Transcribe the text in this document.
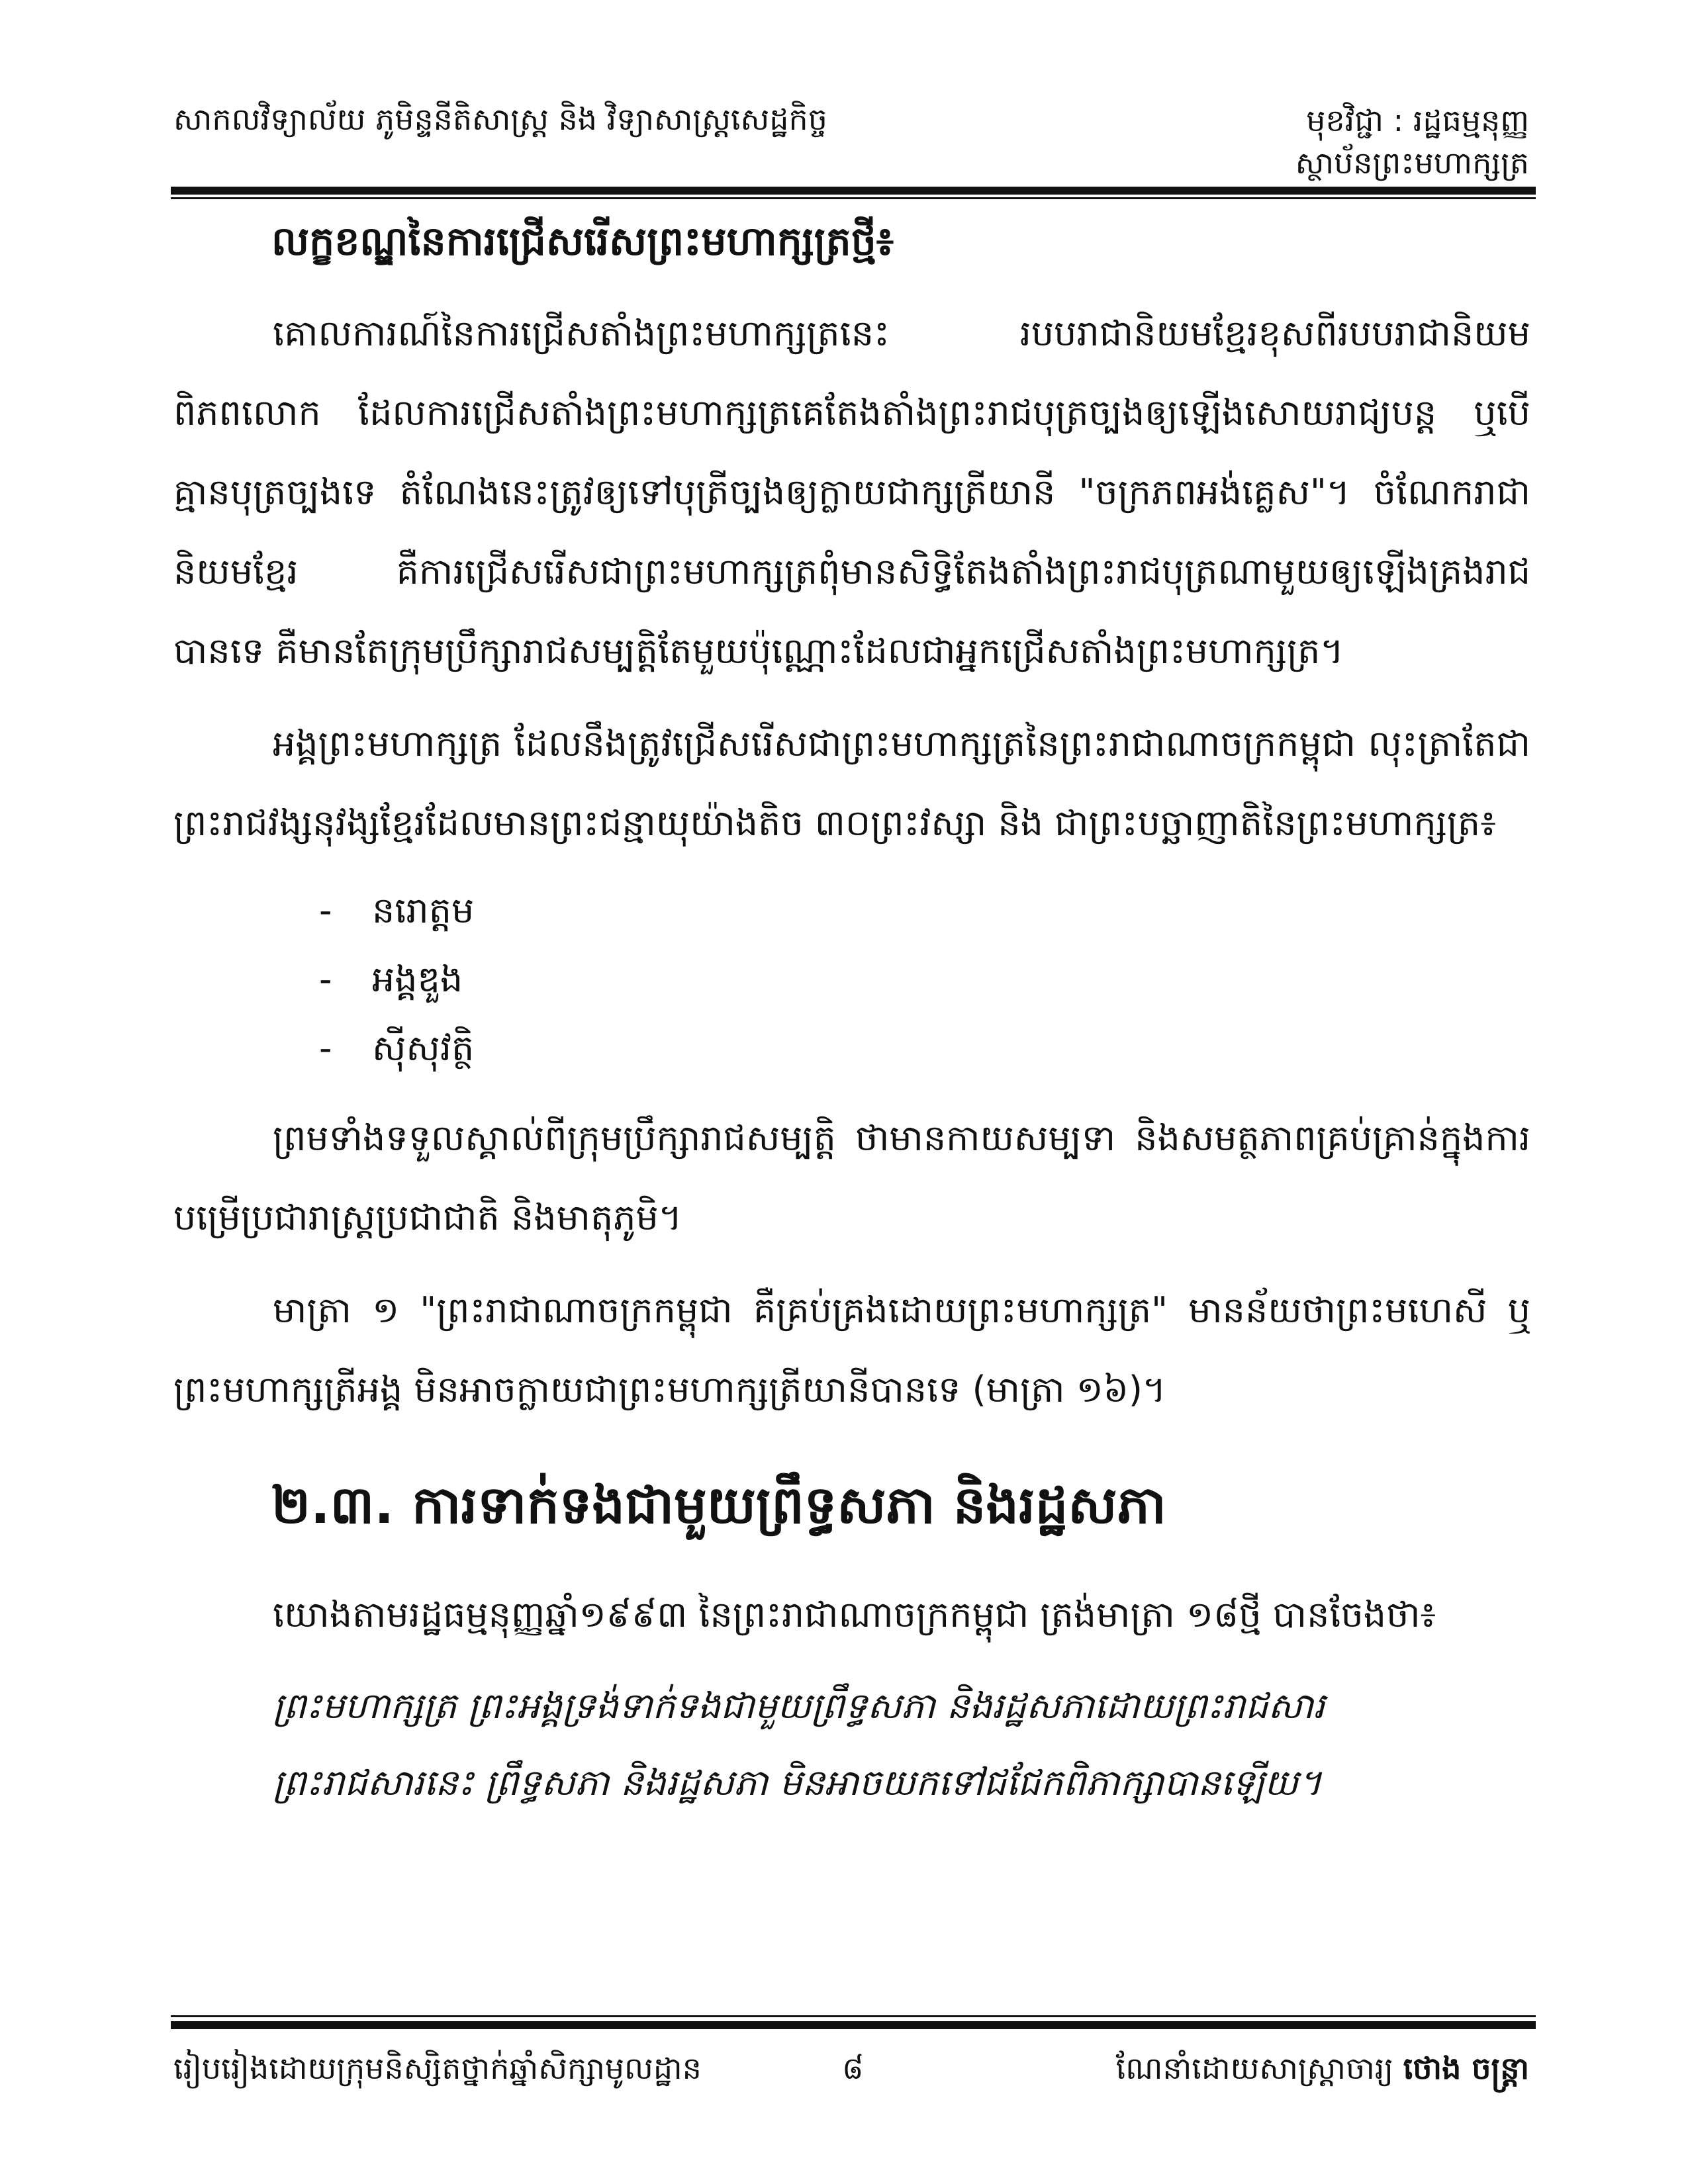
សាកលវិទ្យាល័យ ភូមិន្ទនីតិសាស្ត្រ និង វិទ្យាសាស្ត្រសេដ្ឋកិច្ច	មុខវិជ្ជា : រដ្ឋធម្មនុញ្ញ
ស្ថាប័នព្រះមហាក្សត្រ
លក្ខខណ្ឌនៃការជ្រើសរើសព្រះមហាក្សត្រថ្មី៖

គោលការណ៍នៃការជ្រើសតាំងព្រះមហាក្សត្រនេះ របបរាជានិយមខ្មែរខុសពីរបបរាជានិយមពិភពលោក ដែលការជ្រើសតាំងព្រះមហាក្សត្រគេតែងតាំងព្រះរាជបុត្រច្បងឲ្យឡើងសោយរាជ្យបន្ត ឬបើគ្មានបុត្រច្បងទេ តំណែងនេះត្រូវឲ្យទៅបុត្រីច្បងឲ្យក្លាយជាក្សត្រីយានី "ចក្រភពអង់គ្លេស"។ ចំណែករាជានិយមខ្មែរ គឺការជ្រើសរើសជាព្រះមហាក្សត្រពុំមានសិទ្ធិតែងតាំងព្រះរាជបុត្រណាមួយឲ្យឡើងគ្រងរាជបានទេ គឺមានតែក្រុមប្រឹក្សារាជសម្បត្តិតែមួយប៉ុណ្ណោះដែលជាអ្នកជ្រើសតាំងព្រះមហាក្សត្រ។

អង្គព្រះមហាក្សត្រ ដែលនឹងត្រូវជ្រើសរើសជាព្រះមហាក្សត្រនៃព្រះរាជាណាចក្រកម្ពុជា លុះត្រាតែជាព្រះរាជវង្សនុវង្សខ្មែរដែលមានព្រះជន្មាយុយ៉ាងតិច ៣០ព្រះវស្សា និង ជាព្រះបច្ឆាញាតិនៃព្រះមហាក្សត្រ៖

- នរោត្តម
- អង្គឌួង
- ស៊ីសុវត្ថិ

ព្រមទាំងទទួលស្គាល់ពីក្រុមប្រឹក្សារាជសម្បត្តិ ថាមានកាយសម្បទា និងសមត្ថភាពគ្រប់គ្រាន់ក្នុងការបម្រើប្រជារាស្ត្រប្រជាជាតិ និងមាតុភូមិ។

មាត្រា ១ "ព្រះរាជាណាចក្រកម្ពុជា គឺគ្រប់គ្រងដោយព្រះមហាក្សត្រ" មានន័យថាព្រះមហេសី ឬព្រះមហាក្សត្រីអង្គ មិនអាចក្លាយជាព្រះមហាក្សត្រីយានីបានទេ (មាត្រា ១៦)។

២.៣. ការទាក់ទងជាមួយព្រឹទ្ធសភា និងរដ្ឋសភា

យោងតាមរដ្ឋធម្មនុញ្ញឆ្នាំ១៩៩៣ នៃព្រះរាជាណាចក្រកម្ពុជា ត្រង់មាត្រា ១៨ថ្មី បានចែងថា៖

ព្រះមហាក្សត្រ ព្រះអង្គទ្រង់ទាក់ទងជាមួយព្រឹទ្ធសភា និងរដ្ឋសភាដោយព្រះរាជសារ
ព្រះរាជសារនេះ ព្រឹទ្ធសភា និងរដ្ឋសភា មិនអាចយកទៅជជែកពិភាក្សាបានឡើយ។
រៀបរៀងដោយក្រុមនិស្សិតថ្នាក់ឆ្នាំសិក្សាមូលដ្ឋាន	៨	ណែនាំដោយសាស្ត្រាចារ្យ ថោង ចន្ត្រា
